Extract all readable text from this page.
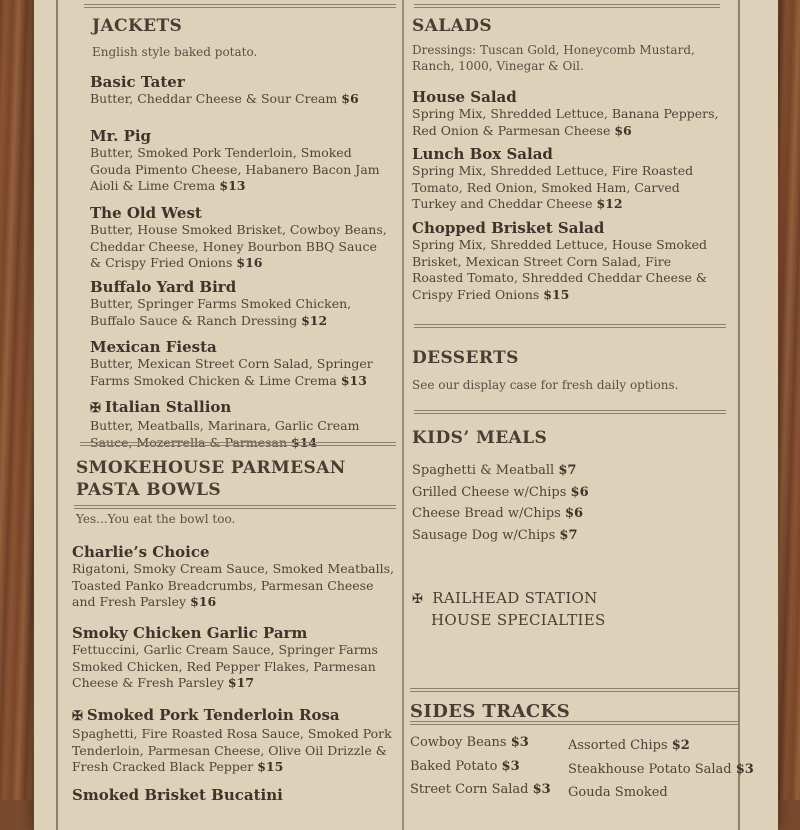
JACKETS
English style baked potato.
Basic Tater
Butter, Cheddar Cheese & Sour Cream $6
Mr. Pig
Butter, Smoked Pork Tenderloin, Smoked Gouda Pimento Cheese, Habanero Bacon Jam Aioli & Lime Crema $13
The Old West
Butter, House Smoked Brisket, Cowboy Beans, Cheddar Cheese, Honey Bourbon BBQ Sauce & Crispy Fried Onions $16
Buffalo Yard Bird
Butter, Springer Farms Smoked Chicken, Buffalo Sauce & Ranch Dressing $12
Mexican Fiesta
Butter, Mexican Street Corn Salad, Springer Farms Smoked Chicken & Lime Crema $13
✠ Italian Stallion
Butter, Meatballs, Marinara, Garlic Cream Sauce, Mozerrella & Parmesan $14
SMOKEHOUSE PARMESAN
PASTA BOWLS
Yes...You eat the bowl too.
Charlie’s Choice
Rigatoni, Smoky Cream Sauce, Smoked Meatballs, Toasted Panko Breadcrumbs, Parmesan Cheese and Fresh Parsley $16
Smoky Chicken Garlic Parm
Fettuccini, Garlic Cream Sauce, Springer Farms Smoked Chicken, Red Pepper Flakes, Parmesan Cheese & Fresh Parsley $17
✠ Smoked Pork Tenderloin Rosa
Spaghetti, Fire Roasted Rosa Sauce, Smoked Pork Tenderloin, Parmesan Cheese, Olive Oil Drizzle & Fresh Cracked Black Pepper $15
Smoked Brisket Bucatini
SALADS
Dressings: Tuscan Gold, Honeycomb Mustard, Ranch, 1000, Vinegar & Oil.
House Salad
Spring Mix, Shredded Lettuce, Banana Peppers, Red Onion & Parmesan Cheese $6
Lunch Box Salad
Spring Mix, Shredded Lettuce, Fire Roasted Tomato, Red Onion, Smoked Ham, Carved Turkey and Cheddar Cheese $12
Chopped Brisket Salad
Spring Mix, Shredded Lettuce, House Smoked Brisket, Mexican Street Corn Salad, Fire Roasted Tomato, Shredded Cheddar Cheese & Crispy Fried Onions $15
DESSERTS
See our display case for fresh daily options.
KIDS’ MEALS
Spaghetti & Meatball $7
Grilled Cheese w/Chips $6
Cheese Bread w/Chips $6
Sausage Dog w/Chips $7
✠ RAILHEAD STATION
HOUSE SPECIALTIES
SIDES TRACKS
Cowboy Beans $3
Baked Potato $3
Street Corn Salad $3
Assorted Chips $2
Steakhouse Potato Salad $3
Gouda Smoked
